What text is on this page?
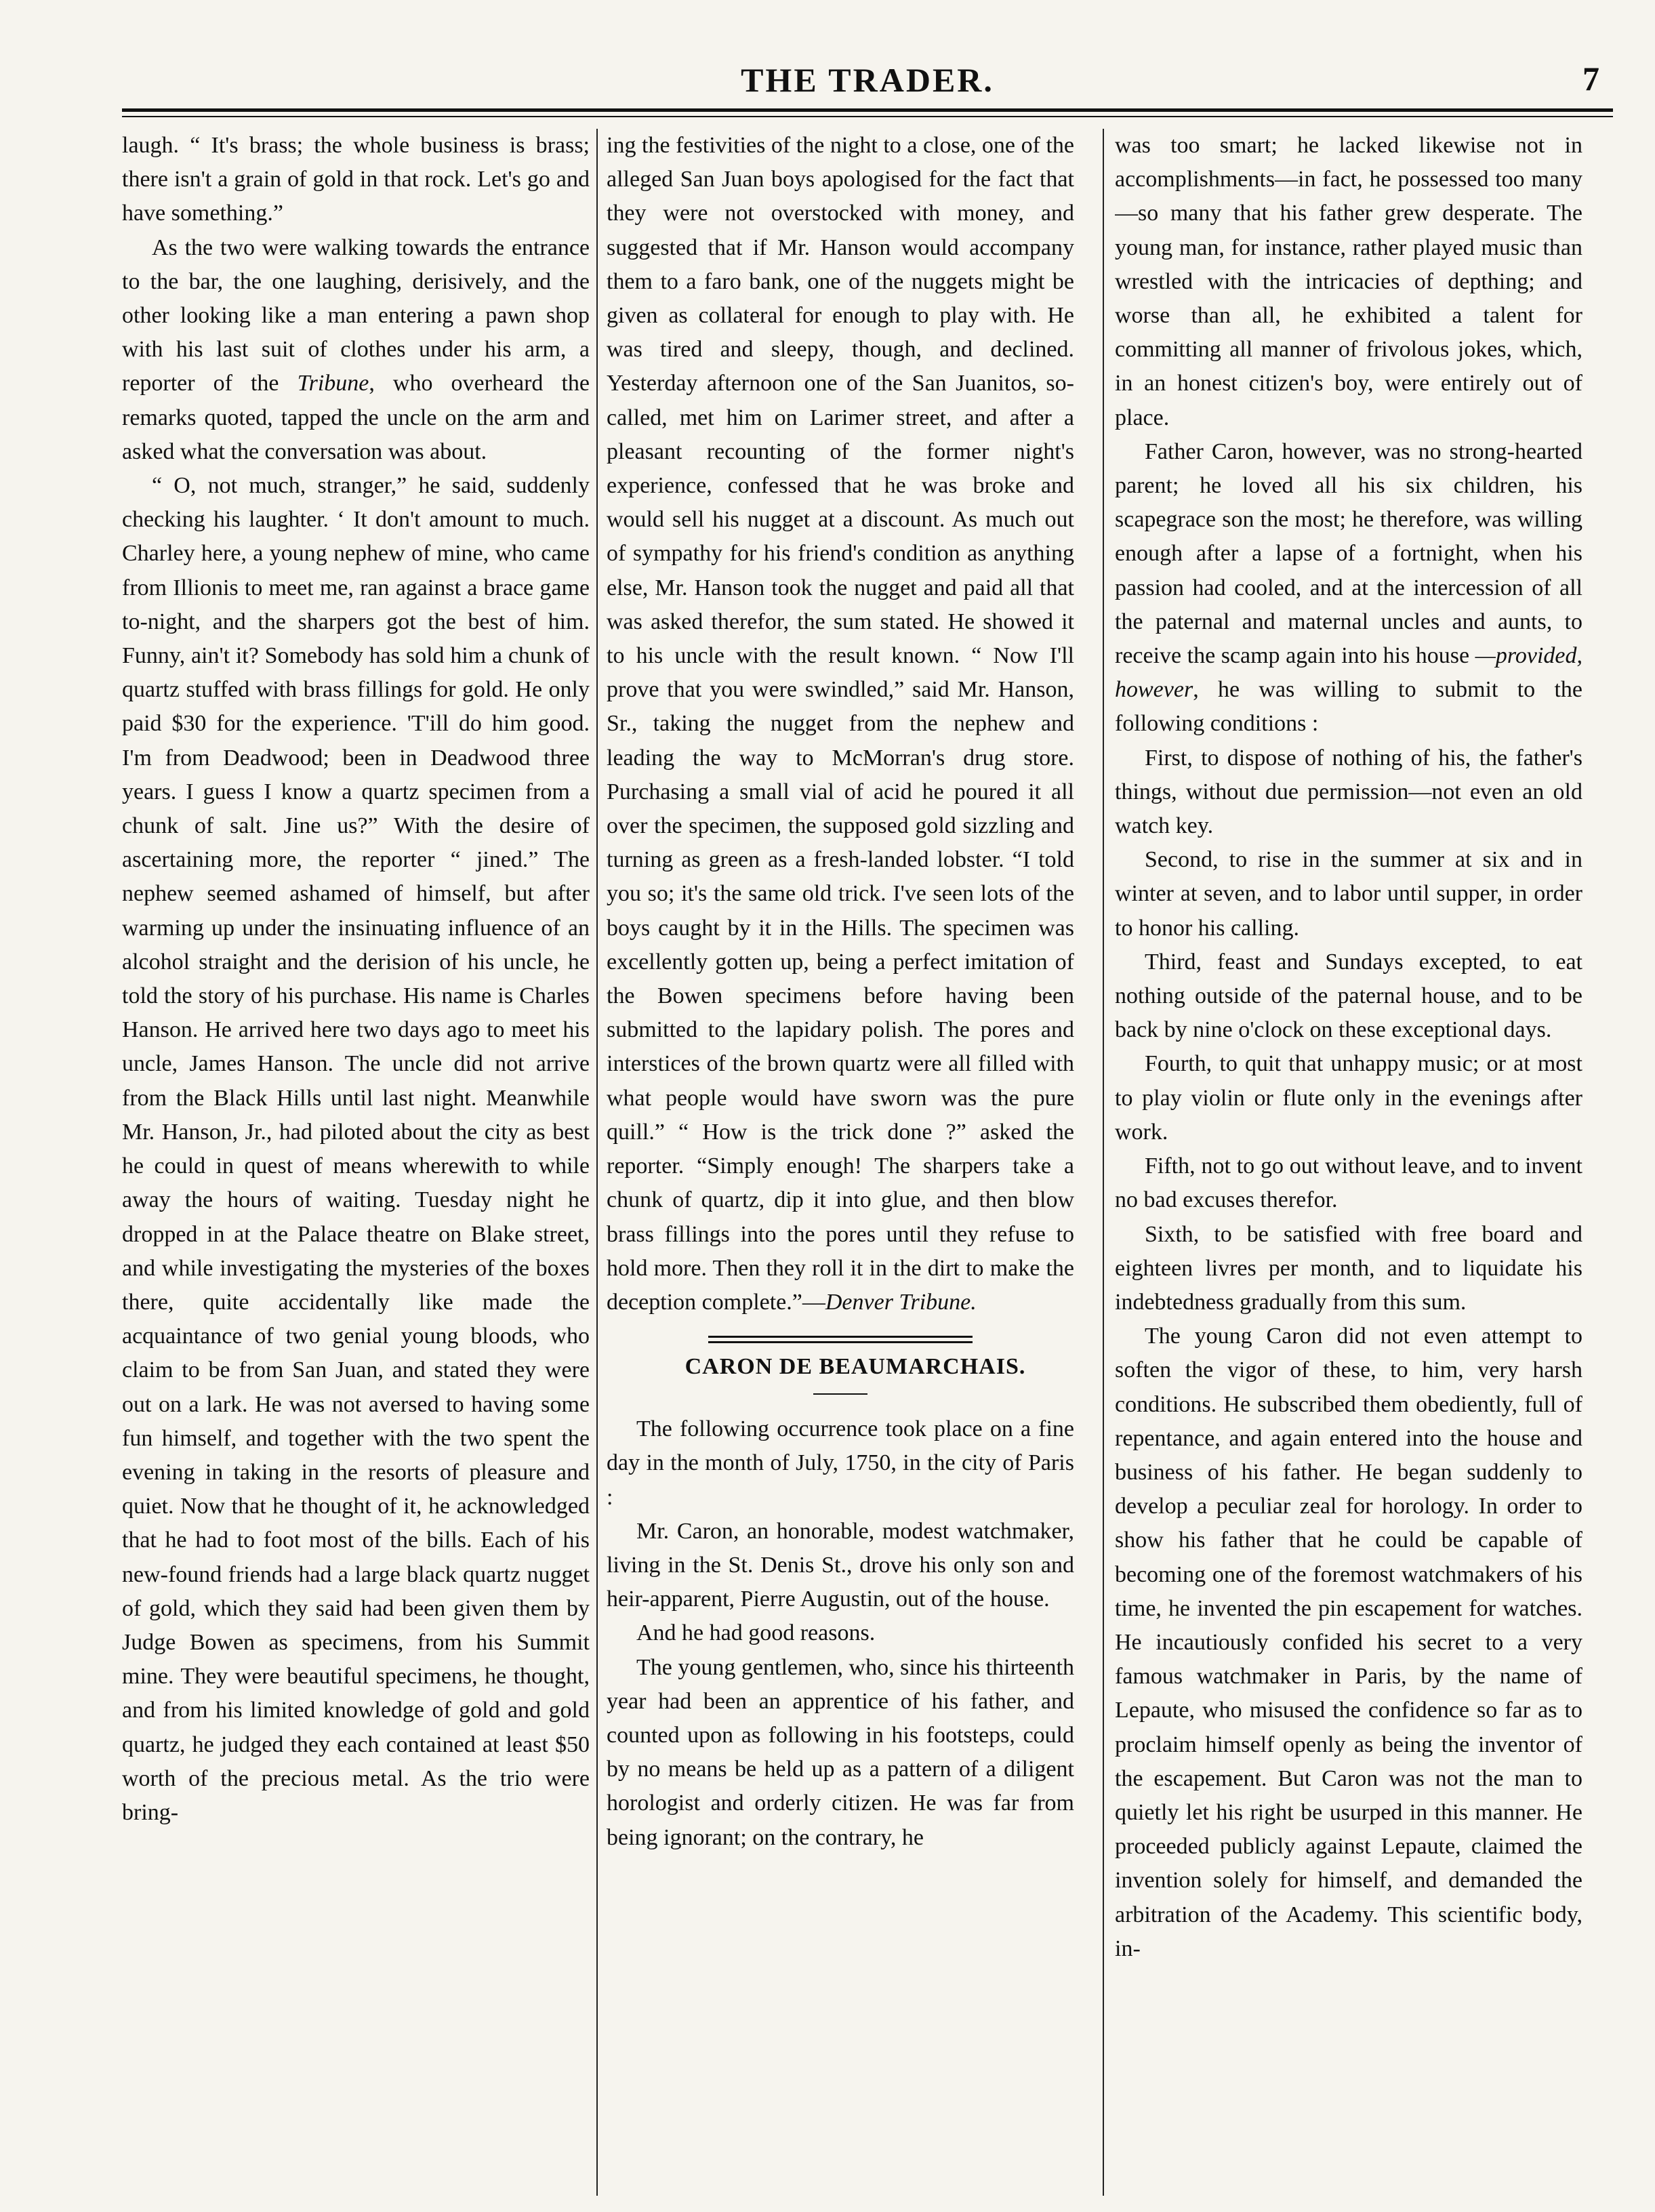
THE TRADER.	7

laugh. “ It's brass; the whole business is brass; there isn't a grain of gold in that rock. Let's go and have something.”

As the two were walking towards the entrance to the bar, the one laughing, derisively, and the other looking like a man entering a pawn shop with his last suit of clothes under his arm, a reporter of the Tribune, who overheard the remarks quoted, tapped the uncle on the arm and asked what the conversation was about.

“ O, not much, stranger,” he said, suddenly checking his laughter. ‘ It don't amount to much. Charley here, a young nephew of mine, who came from Illionis to meet me, ran against a brace game to-night, and the sharpers got the best of him. Funny, ain't it? Somebody has sold him a chunk of quartz stuffed with brass fillings for gold. He only paid $30 for the experience. 'T'ill do him good. I'm from Deadwood; been in Deadwood three years. I guess I know a quartz specimen from a chunk of salt. Jine us?” With the desire of ascertaining more, the reporter “ jined.” The nephew seemed ashamed of himself, but after warming up under the insinuating influence of an alcohol straight and the derision of his uncle, he told the story of his purchase. His name is Charles Hanson. He arrived here two days ago to meet his uncle, James Hanson. The uncle did not arrive from the Black Hills until last night. Meanwhile Mr. Hanson, Jr., had piloted about the city as best he could in quest of means wherewith to while away the hours of waiting. Tuesday night he dropped in at the Palace theatre on Blake street, and while investigating the mysteries of the boxes there, quite accidentally like made the acquaintance of two genial young bloods, who claim to be from San Juan, and stated they were out on a lark. He was not aversed to having some fun himself, and together with the two spent the evening in taking in the resorts of pleasure and quiet. Now that he thought of it, he acknowledged that he had to foot most of the bills. Each of his new-found friends had a large black quartz nugget of gold, which they said had been given them by Judge Bowen as specimens, from his Summit mine. They were beautiful specimens, he thought, and from his limited knowledge of gold and gold quartz, he judged they each contained at least $50 worth of the precious metal. As the trio were bring-

ing the festivities of the night to a close, one of the alleged San Juan boys apologised for the fact that they were not overstocked with money, and suggested that if Mr. Hanson would accompany them to a faro bank, one of the nuggets might be given as collateral for enough to play with. He was tired and sleepy, though, and declined. Yesterday afternoon one of the San Juanitos, so-called, met him on Larimer street, and after a pleasant recounting of the former night's experience, confessed that he was broke and would sell his nugget at a discount. As much out of sympathy for his friend's condition as anything else, Mr. Hanson took the nugget and paid all that was asked therefor, the sum stated. He showed it to his uncle with the result known. “ Now I'll prove that you were swindled,” said Mr. Hanson, Sr., taking the nugget from the nephew and leading the way to McMorran's drug store. Purchasing a small vial of acid he poured it all over the specimen, the supposed gold sizzling and turning as green as a fresh-landed lobster. “I told you so; it's the same old trick. I've seen lots of the boys caught by it in the Hills. The specimen was excellently gotten up, being a perfect imitation of the Bowen specimens before having been submitted to the lapidary polish. The pores and interstices of the brown quartz were all filled with what people would have sworn was the pure quill.” “ How is the trick done ?” asked the reporter. “Simply enough! The sharpers take a chunk of quartz, dip it into glue, and then blow brass fillings into the pores until they refuse to hold more. Then they roll it in the dirt to make the deception complete.”—Denver Tribune.

CARON DE BEAUMARCHAIS.

The following occurrence took place on a fine day in the month of July, 1750, in the city of Paris :

Mr. Caron, an honorable, modest watchmaker, living in the St. Denis St., drove his only son and heir-apparent, Pierre Augustin, out of the house.

And he had good reasons.

The young gentlemen, who, since his thirteenth year had been an apprentice of his father, and counted upon as following in his footsteps, could by no means be held up as a pattern of a diligent horologist and orderly citizen. He was far from being ignorant; on the contrary, he

was too smart; he lacked likewise not in accomplishments—in fact, he possessed too many—so many that his father grew desperate. The young man, for instance, rather played music than wrestled with the intricacies of depthing; and worse than all, he exhibited a talent for committing all manner of frivolous jokes, which, in an honest citizen's boy, were entirely out of place.

Father Caron, however, was no strong-hearted parent; he loved all his six children, his scapegrace son the most; he therefore, was willing enough after a lapse of a fortnight, when his passion had cooled, and at the intercession of all the paternal and maternal uncles and aunts, to receive the scamp again into his house —provided, however, he was willing to submit to the following conditions :

First, to dispose of nothing of his, the father's things, without due permission—not even an old watch key.

Second, to rise in the summer at six and in winter at seven, and to labor until supper, in order to honor his calling.

Third, feast and Sundays excepted, to eat nothing outside of the paternal house, and to be back by nine o'clock on these exceptional days.

Fourth, to quit that unhappy music; or at most to play violin or flute only in the evenings after work.

Fifth, not to go out without leave, and to invent no bad excuses therefor.

Sixth, to be satisfied with free board and eighteen livres per month, and to liquidate his indebtedness gradually from this sum.

The young Caron did not even attempt to soften the vigor of these, to him, very harsh conditions. He subscribed them obediently, full of repentance, and again entered into the house and business of his father. He began suddenly to develop a peculiar zeal for horology. In order to show his father that he could be capable of becoming one of the foremost watchmakers of his time, he invented the pin escapement for watches. He incautiously confided his secret to a very famous watchmaker in Paris, by the name of Lepaute, who misused the confidence so far as to proclaim himself openly as being the inventor of the escapement. But Caron was not the man to quietly let his right be usurped in this manner. He proceeded publicly against Lepaute, claimed the invention solely for himself, and demanded the arbitration of the Academy. This scientific body, in-
